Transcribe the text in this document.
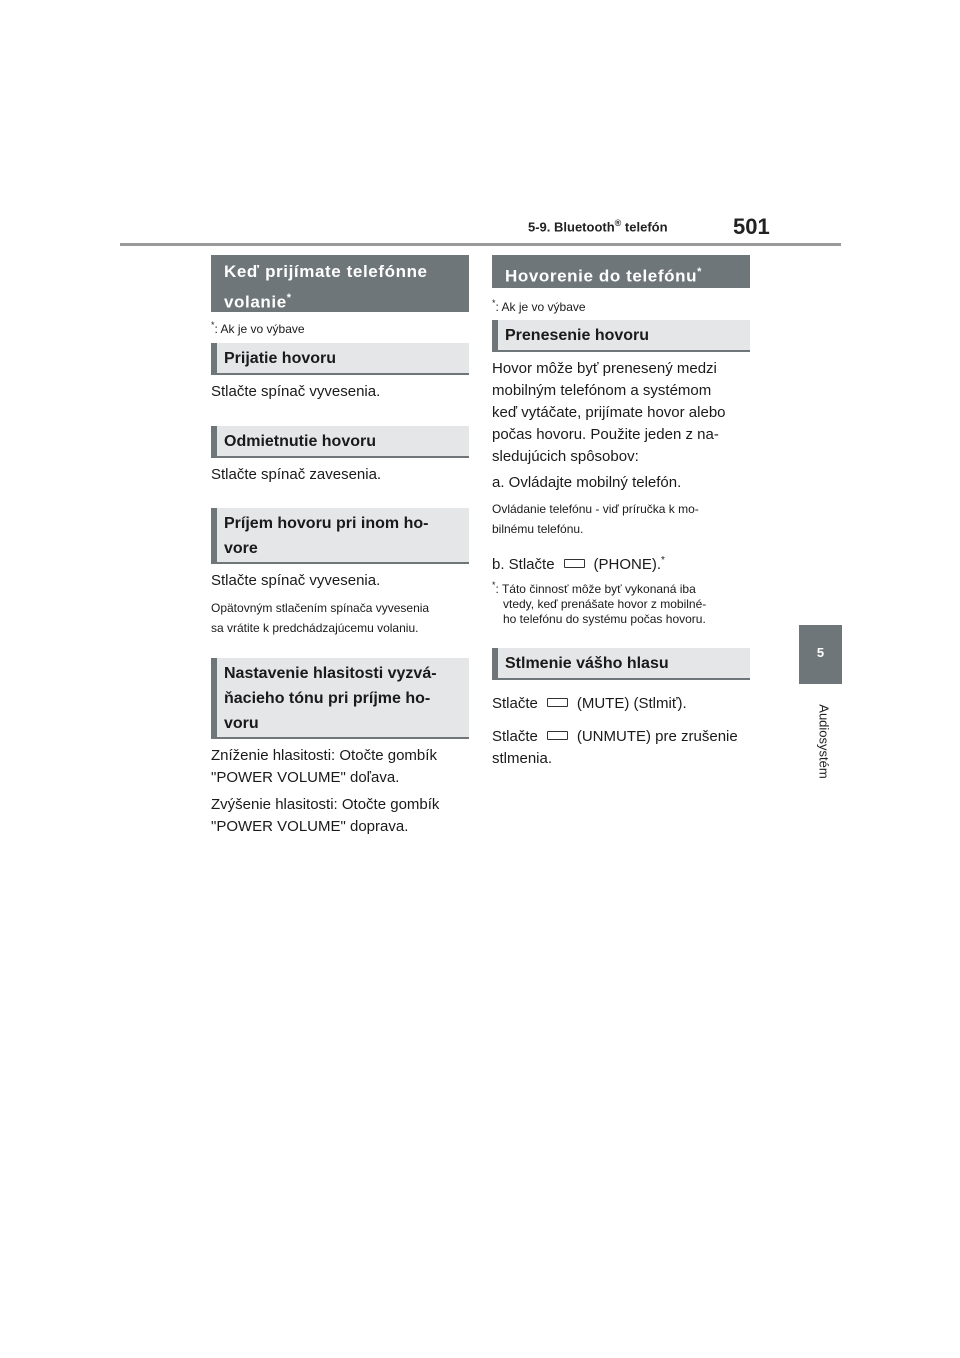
5-9. Bluetooth® telefón	501
5
Audiosystém
Keď prijímate telefónne
volanie*
*: Ak je vo výbave
Prijatie hovoru
Stlačte spínač vyvesenia.
Odmietnutie hovoru
Stlačte spínač zavesenia.
Príjem hovoru pri inom ho-
vore
Stlačte spínač vyvesenia.
Opätovným stlačením spínača vyvesenia
sa vrátite k predchádzajúcemu volaniu.
Nastavenie hlasitosti vyzvá-
ňacieho tónu pri príjme ho-
voru
Zníženie hlasitosti: Otočte gombík
"POWER VOLUME" doľava.
Zvýšenie hlasitosti: Otočte gombík
"POWER VOLUME" doprava.
Hovorenie do telefónu*
*: Ak je vo výbave
Prenesenie hovoru
Hovor môže byť prenesený medzi
mobilným telefónom a systémom
keď vytáčate, prijímate hovor alebo
počas hovoru. Použite jeden z na-
sledujúcich spôsobov:
a. Ovládajte mobilný telefón.
Ovládanie telefónu - viď príručka k mo-
bilnému telefónu.
b. Stlačte	(PHONE).*
*: Táto činnosť môže byť vykonaná iba
vtedy, keď prenášate hovor z mobilné-
ho telefónu do systému počas hovoru.
Stlmenie vášho hlasu
Stlačte	(MUTE) (Stlmiť).
Stlačte	(UNMUTE) pre zrušenie
stlmenia.
